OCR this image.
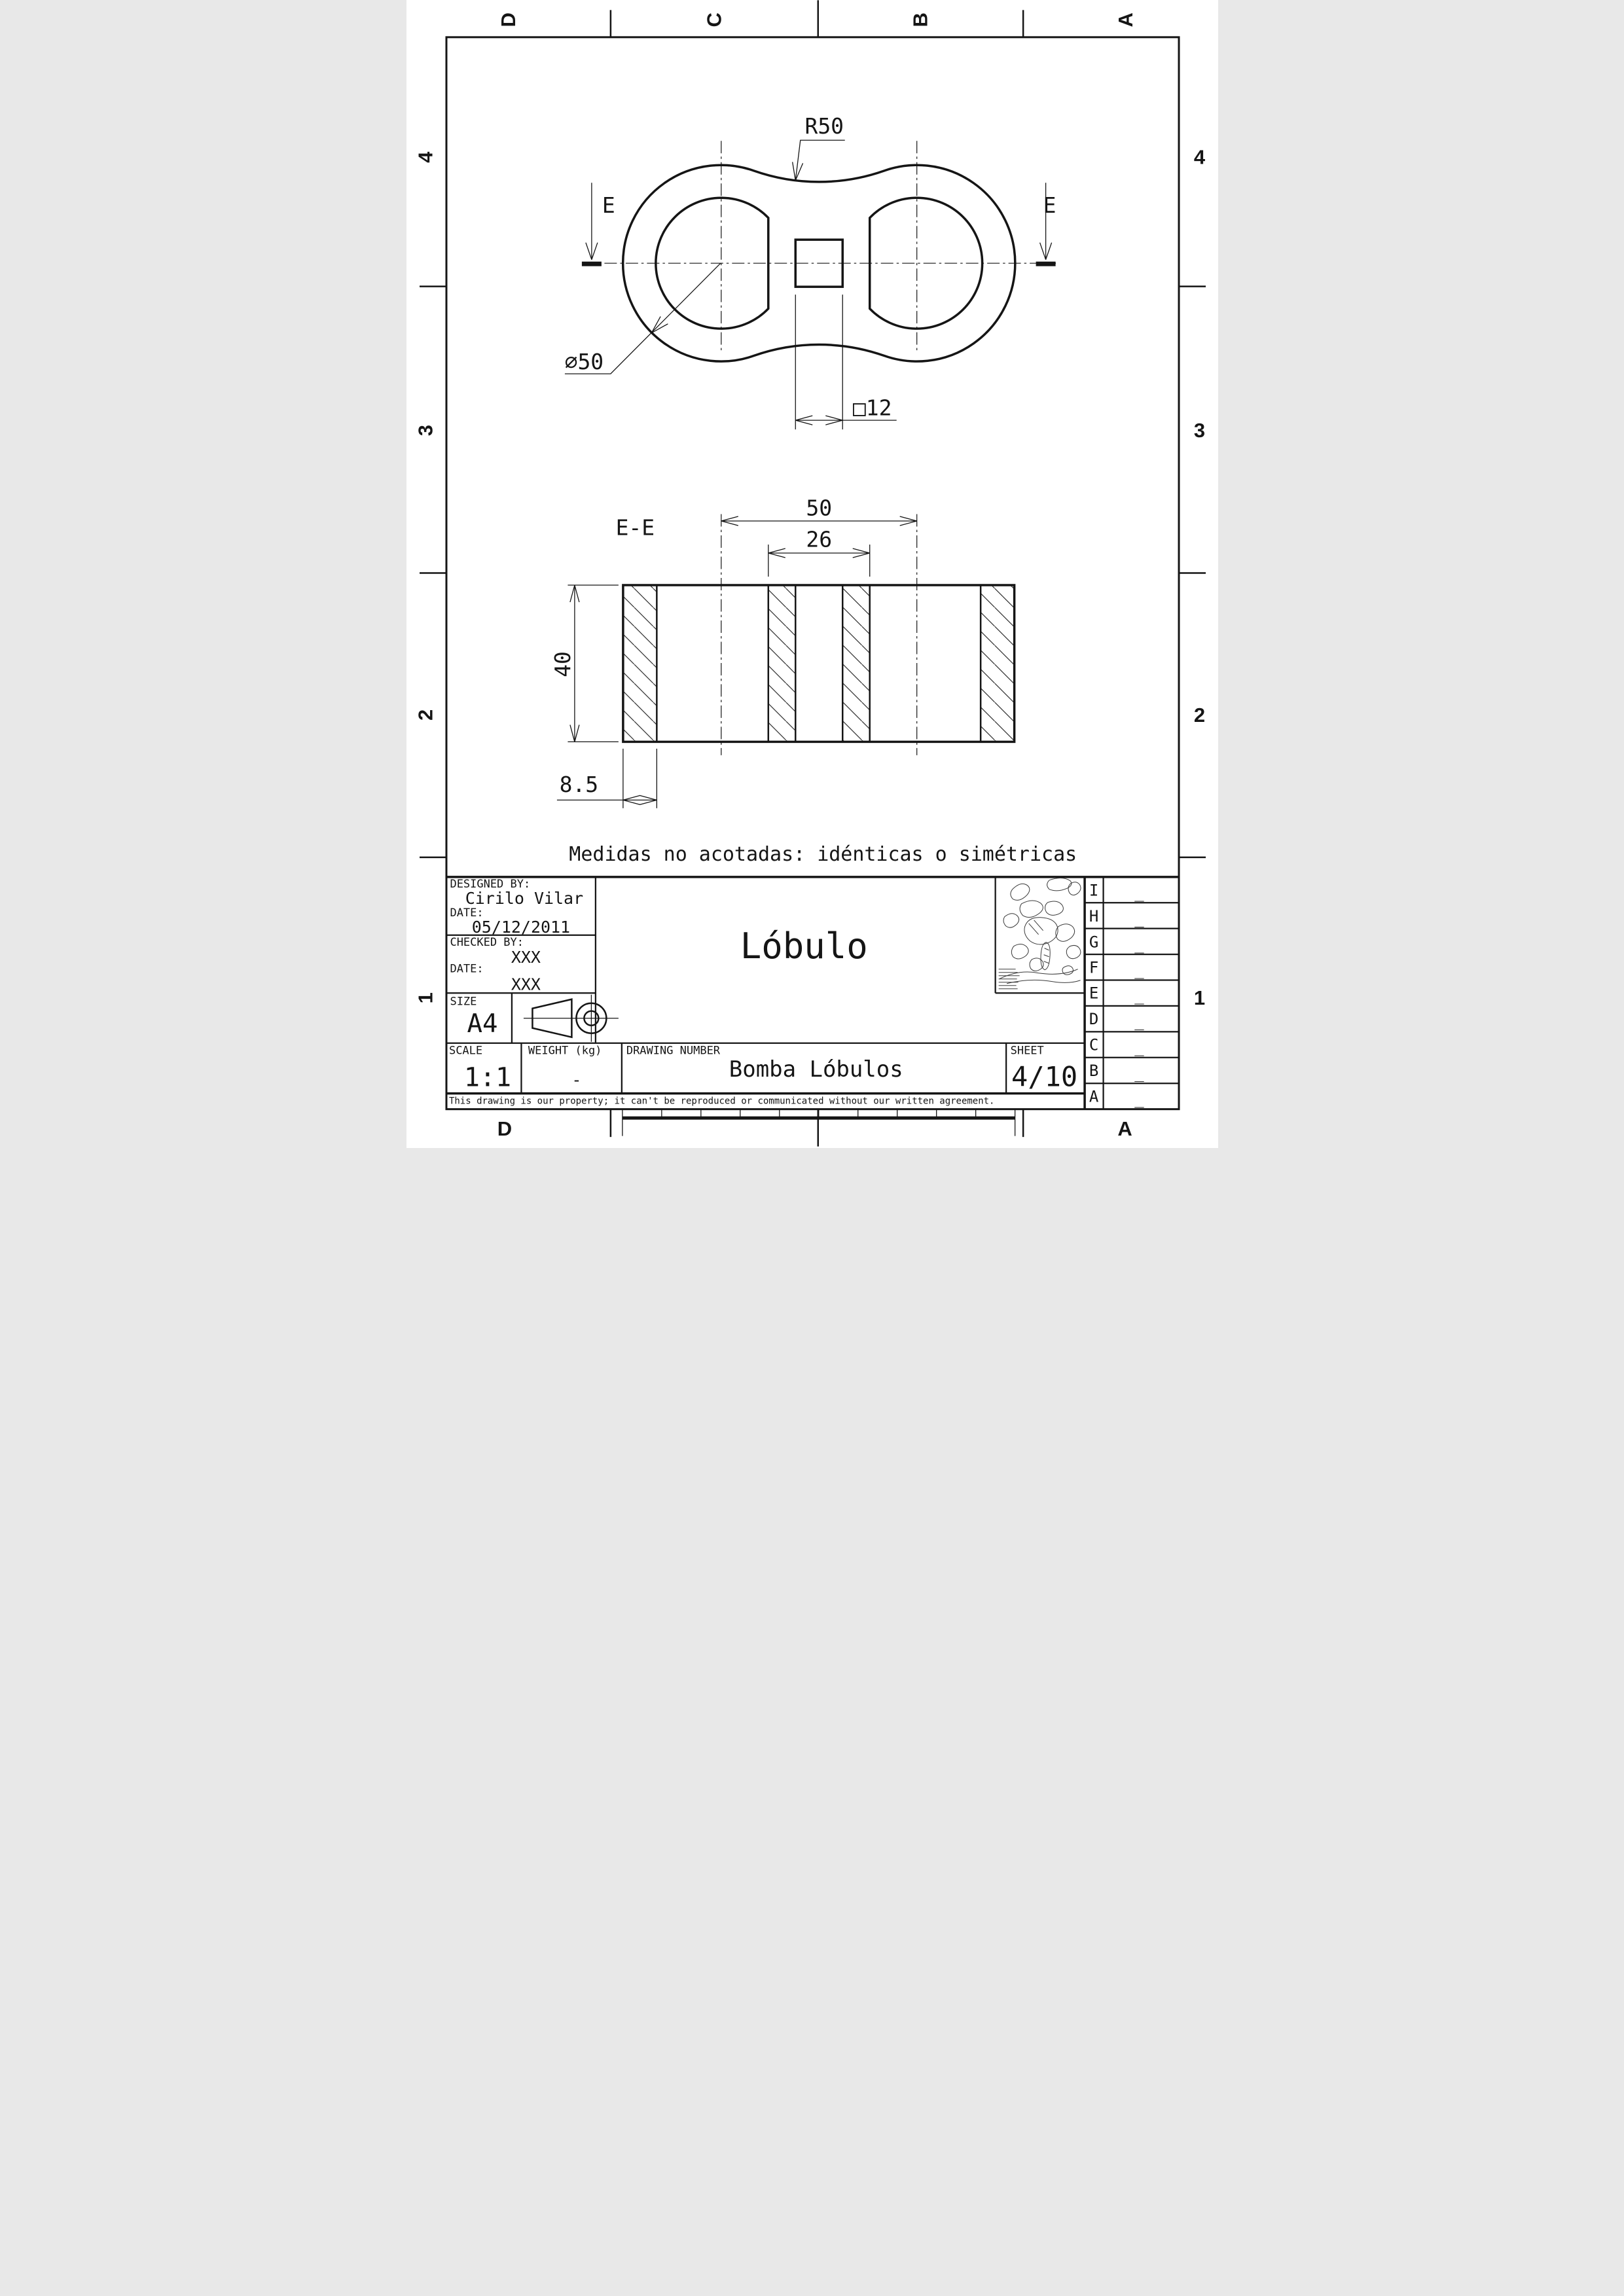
D	C	B	A
D	A
4
3
2
1
4
3
2
1
E	E
R50
⌀50
□12
E-E
50
26
40
8.5
Medidas no acotadas: idénticas o simétricas
DESIGNED BY:
Cirilo Vilar
DATE:
05/12/2011
CHECKED BY:
XXX
DATE:
XXX
SIZE
A4
SCALE
1:1
WEIGHT (kg)
-
DRAWING NUMBER
Bomba Lóbulos
SHEET
4/10
Lóbulo
This drawing is our property; it can't be reproduced or communicated without our written agreement.
I _
H _
G _
F _
E _
D _
C _
B _
A _
